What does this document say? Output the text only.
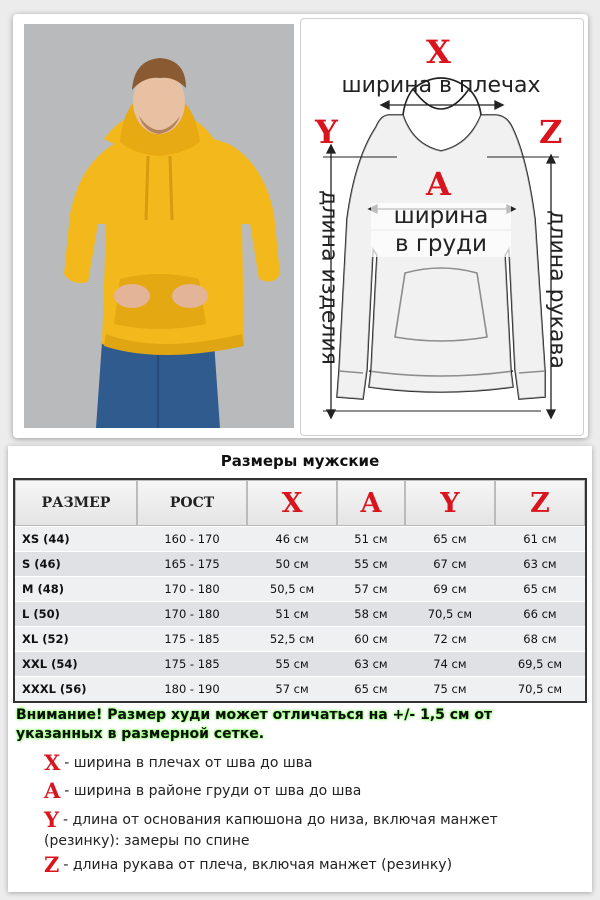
X
ширина в плечах
Y	Z
A
ширина
в груди
длина изделия	длина рукава
Размеры мужские
РАЗМЕР	РОСТ	X	A	Y	Z
XS (44)	160 - 170	46 см	51 см	65 см	61 см
S (46)	165 - 175	50 см	55 см	67 см	63 см
M (48)	170 - 180	50,5 см	57 см	69 см	65 см
L (50)	170 - 180	51 см	58 см	70,5 см	66 см
XL (52)	175 - 185	52,5 см	60 см	72 см	68 см
XXL (54)	175 - 185	55 см	63 см	74 см	69,5 см
XXXL (56)	180 - 190	57 см	65 см	75 см	70,5 см
Внимание! Размер худи может отличаться на +/- 1,5 см от указанных в размерной сетке.
X - ширина в плечах от шва до шва
A - ширина в районе груди от шва до шва
Y - длина от основания капюшона до низа, включая манжет (резинку): замеры по спине
Z - длина рукава от плеча, включая манжет (резинку)
